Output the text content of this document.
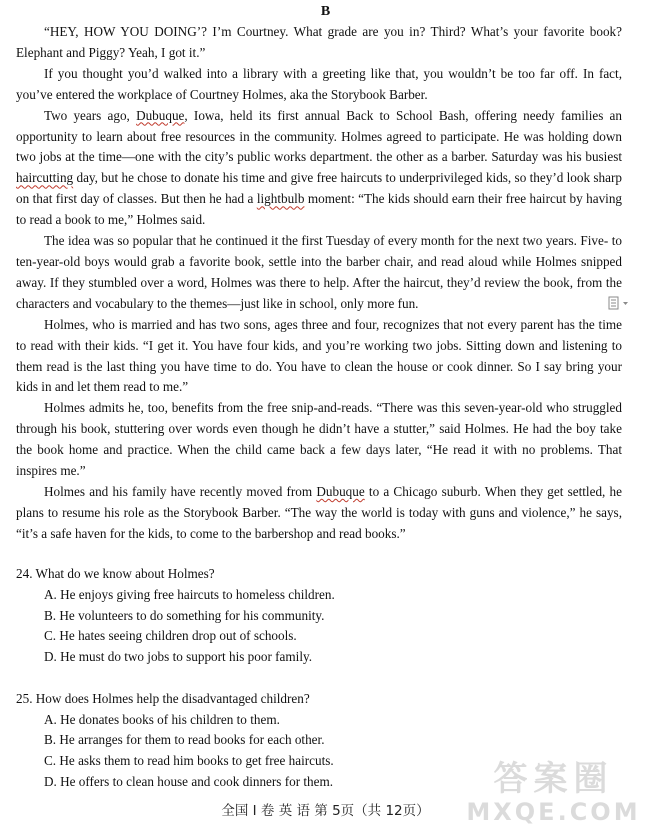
B

“HEY, HOW YOU DOING’? I’m Courtney. What grade are you in? Third? What’s your favorite book? Elephant and Piggy? Yeah, I got it.”

If you thought you’d walked into a library with a greeting like that, you wouldn’t be too far off. In fact, you’ve entered the workplace of Courtney Holmes, aka the Storybook Barber.

Two years ago, Dubuque, Iowa, held its first annual Back to School Bash, offering needy families an opportunity to learn about free resources in the community. Holmes agreed to participate. He was holding down two jobs at the time—one with the city’s public works department. the other as a barber. Saturday was his busiest haircutting day, but he chose to donate his time and give free haircuts to underprivileged kids, so they’d look sharp on that first day of classes. But then he had a lightbulb moment: “The kids should earn their free haircut by having to read a book to me,” Holmes said.

The idea was so popular that he continued it the first Tuesday of every month for the next two years. Five- to ten-year-old boys would grab a favorite book, settle into the barber chair, and read aloud while Holmes snipped away. If they stumbled over a word, Holmes was there to help. After the haircut, they’d review the book, from the characters and vocabulary to the themes—just like in school, only more fun.

Holmes, who is married and has two sons, ages three and four, recognizes that not every parent has the time to read with their kids. “I get it. You have four kids, and you’re working two jobs. Sitting down and listening to them read is the last thing you have time to do. You have to clean the house or cook dinner. So I say bring your kids in and let them read to me.”

Holmes admits he, too, benefits from the free snip-and-reads. “There was this seven-year-old who struggled through his book, stuttering over words even though he didn’t have a stutter,” said Holmes. He had the boy take the book home and practice. When the child came back a few days later, “He read it with no problems. That inspires me.”

Holmes and his family have recently moved from Dubuque to a Chicago suburb. When they get settled, he plans to resume his role as the Storybook Barber. “The way the world is today with guns and violence,” he says, “it’s a safe haven for the kids, to come to the barbershop and read books.”

24. What do we know about Holmes?

A. He enjoys giving free haircuts to homeless children.

B. He volunteers to do something for his community.

C. He hates seeing children drop out of schools.

D. He must do two jobs to support his poor family.

25. How does Holmes help the disadvantaged children?

A. He donates books of his children to them.

B. He arranges for them to read books for each other.

C. He asks them to read him books to get free haircuts.

D. He offers to clean house and cook dinners for them.

全国 I 卷 英 语 第 5页（共 12页）
答案圈
MXQE.COM
